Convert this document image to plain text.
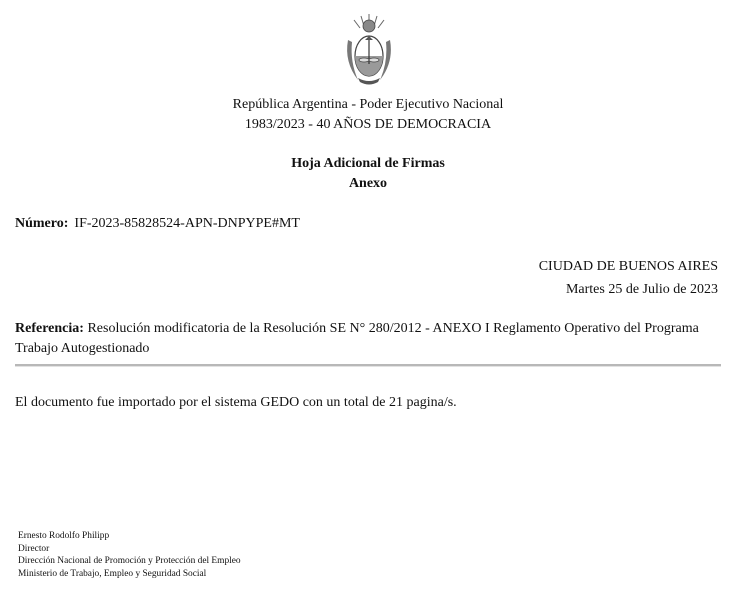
República Argentina - Poder Ejecutivo Nacional
1983/2023 - 40 AÑOS DE DEMOCRACIA
Hoja Adicional de Firmas
Anexo
Número: IF-2023-85828524-APN-DNPYPE#MT
CIUDAD DE BUENOS AIRES
Martes 25 de Julio de 2023
Referencia: Resolución modificatoria de la Resolución SE N° 280/2012 - ANEXO I Reglamento Operativo del Programa Trabajo Autogestionado
El documento fue importado por el sistema GEDO con un total de 21 pagina/s.
Ernesto Rodolfo Philipp
Director
Dirección Nacional de Promoción y Protección del Empleo
Ministerio de Trabajo, Empleo y Seguridad Social
